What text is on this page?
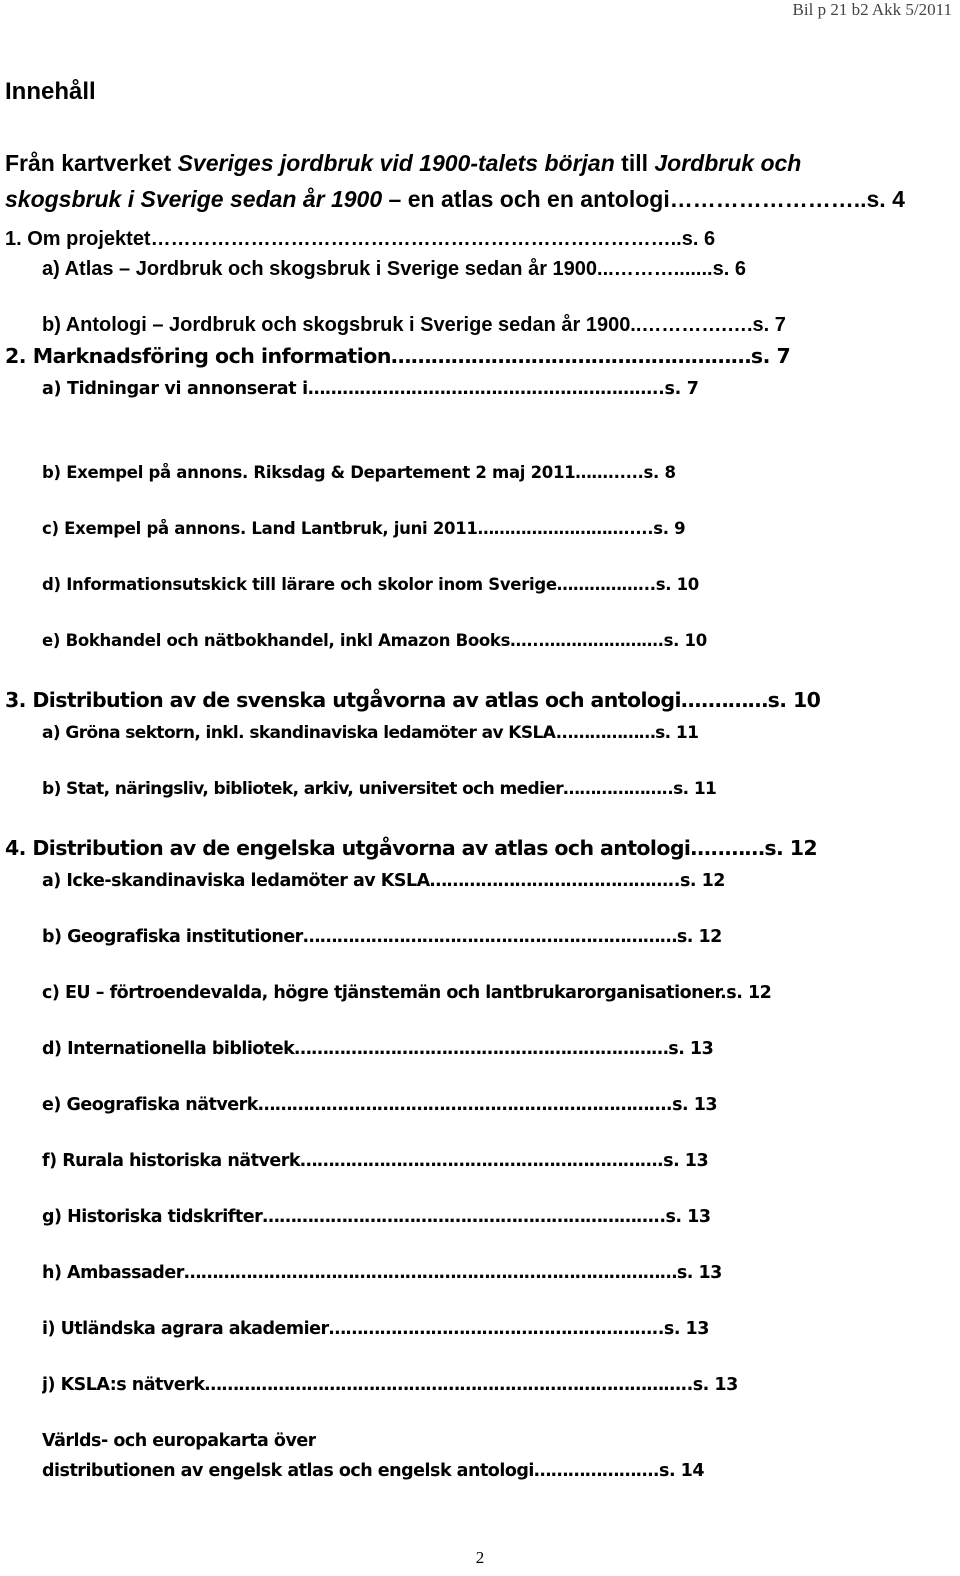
Bil p 21 b2 Akk 5/2011
Innehåll
Från kartverket Sveriges jordbruk vid 1900-talets början till Jordbruk och
skogsbruk i Sverige sedan år 1900 – en atlas och en antologi……………………..s. 4
1. Om projektet……………………………………………………………………..s. 6
a) Atlas – Jordbruk och skogsbruk i Sverige sedan år 1900...……….......s. 6
b) Antologi – Jordbruk och skogsbruk i Sverige sedan år 1900..………….….s. 7
2. Marknadsföring och information………………………………………………s. 7
a) Tidningar vi annonserat i……………………………………………………..s. 7
b) Exempel på annons. Riksdag & Departement 2 maj 2011……......s. 8
c) Exempel på annons. Land Lantbruk, juni 2011……………………….....s. 9
d) Informationsutskick till lärare och skolor inom Sverige……………...s. 10
e) Bokhandel och nätbokhandel, inkl Amazon Books…...………………….s. 10
3. Distribution av de svenska utgåvorna av atlas och antologi….………s. 10
a) Gröna sektorn, inkl. skandinaviska ledamöter av KSLA...……………s. 11
b) Stat, näringsliv, bibliotek, arkiv, universitet och medier………………..s. 11
4. Distribution av de engelska utgåvorna av atlas och antologi…..……s. 12
a) Icke-skandinaviska ledamöter av KSLA……………………………………..s. 12
b) Geografiska institutioner…………………………………………………………s. 12
c) EU – förtroendevalda, högre tjänstemän och lantbrukarorganisationer.s. 12
d) Internationella bibliotek…………………………………………………………s. 13
e) Geografiska nätverk……………………………………………………………….s. 13
f) Rurala historiska nätverk……………………………………………………….s. 13
g) Historiska tidskrifter……………………………………………………………..s. 13
h) Ambassader……………………………………………………………………………s. 13
i) Utländska agrara akademier…………………………………………………..s. 13
j) KSLA:s nätverk…………………………………………………………………………..s. 13
Världs- och europakarta över
distributionen av engelsk atlas och engelsk antologi………………….s. 14
2
